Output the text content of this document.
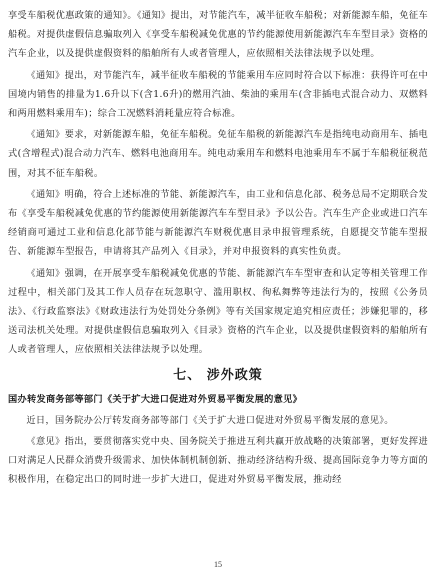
享受车船税优惠政策的通知》。《通知》提出，对节能汽车，减半征收车船税；对新能源车船，免征车船税。对提供虚假信息骗取列入《享受车船税减免优惠的节约能源使用新能源汽车车型目录》资格的汽车企业，以及提供虚假资料的船舶所有人或者管理人，应依照相关法律法规予以处理。

《通知》提出，对节能汽车，减半征收车船税的节能乘用车应同时符合以下标准：获得许可在中国境内销售的排量为1.6升以下(含1.6升)的燃用汽油、柴油的乘用车(含非插电式混合动力、双燃料和两用燃料乘用车)；综合工况燃料消耗量应符合标准。

《通知》要求，对新能源车船，免征车船税。免征车船税的新能源汽车是指纯电动商用车、插电式(含增程式)混合动力汽车、燃料电池商用车。纯电动乘用车和燃料电池乘用车不属于车船税征税范围，对其不征车船税。

《通知》明确，符合上述标准的节能、新能源汽车，由工业和信息化部、税务总局不定期联合发布《享受车船税减免优惠的节约能源使用新能源汽车车型目录》予以公告。汽车生产企业或进口汽车经销商可通过工业和信息化部节能与新能源汽车财税优惠目录申报管理系统，自愿提交节能车型报告、新能源车型报告，申请将其产品列入《目录》，并对申报资料的真实性负责。

《通知》强调，在开展享受车船税减免优惠的节能、新能源汽车车型审查和认定等相关管理工作过程中，相关部门及其工作人员存在玩忽职守、滥用职权、徇私舞弊等违法行为的，按照《公务员法》、《行政监察法》《财政违法行为处罚处分条例》等有关国家规定追究相应责任；涉嫌犯罪的，移送司法机关处理。对提供虚假信息骗取列入《目录》资格的汽车企业，以及提供虚假资料的船舶所有人或者管理人，应依照相关法律法规予以处理。

七、 涉外政策
国办转发商务部等部门《关于扩大进口促进对外贸易平衡发展的意见》

近日，国务院办公厅转发商务部等部门《关于扩大进口促进对外贸易平衡发展的意见》。

《意见》指出，要贯彻落实党中央、国务院关于推进互利共赢开放战略的决策部署，更好发挥进口对满足人民群众消费升级需求、加快体制机制创新、推动经济结构升级、提高国际竞争力等方面的积极作用，在稳定出口的同时进一步扩大进口，促进对外贸易平衡发展，推动经

15
